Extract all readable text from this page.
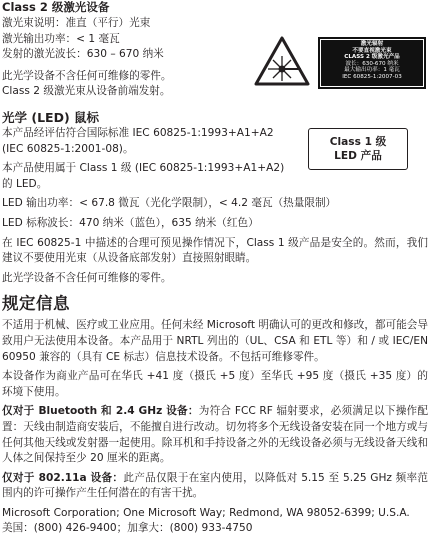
Class 2 级激光设备

激光束说明：准直（平行）光束

激光输出功率：< 1 毫瓦

发射的激光波长：630 – 670 纳米

此光学设备不含任何可维修的零件。

Class 2 级激光束从设备前端发射。

激光辐射
不要直视激光束
CLASS 2 级激光产品
波长：630-670 纳米
最大输出功率：1 毫瓦
IEC 60825-1:2007-03

光学 (LED) 鼠标

本产品经评估符合国际标准 IEC 60825-1:1993+A1+A2 (IEC 60825-1:2001-08)。

本产品使用属于 Class 1 级 (IEC 60825-1:1993+A1+A2) 的 LED。

Class 1 级
LED 产品

LED 输出功率：< 67.8 微瓦（光化学限制），< 4.2 毫瓦（热量限制）

LED 标称波长：470 纳米（蓝色），635 纳米（红色）

在 IEC 60825-1 中描述的合理可预见操作情况下，Class 1 级产品是安全的。然而，我们建议不要使用光束（从设备底部发射）直接照射眼睛。

此光学设备不含任何可维修的零件。

规定信息

不适用于机械、医疗或工业应用。任何未经 Microsoft 明确认可的更改和修改，都可能会导致用户无法使用本设备。本产品用于 NRTL 列出的（UL、CSA 和 ETL 等）和 / 或 IEC/EN 60950 兼容的（具有 CE 标志）信息技术设备。不包括可维修零件。

本设备作为商业产品可在华氏 +41 度（摄氏 +5 度）至华氏 +95 度（摄氏 +35 度）的环境下使用。

仅对于 Bluetooth 和 2.4 GHz 设备：为符合 FCC RF 辐射要求，必须满足以下操作配置：天线由制造商安装后，不能擅自进行改动。切勿将多个无线设备安装在同一个地方或与任何其他天线或发射器一起使用。除耳机和手持设备之外的无线设备必须与无线设备天线和人体之间保持至少 20 厘米的距离。

仅对于 802.11a 设备：此产品仅限于在室内使用，以降低对 5.15 至 5.25 GHz 频率范围内的许可操作产生任何潜在的有害干扰。

Microsoft Corporation; One Microsoft Way; Redmond, WA 98052-6399; U.S.A.

美国：(800) 426-9400；加拿大：(800) 933-4750
